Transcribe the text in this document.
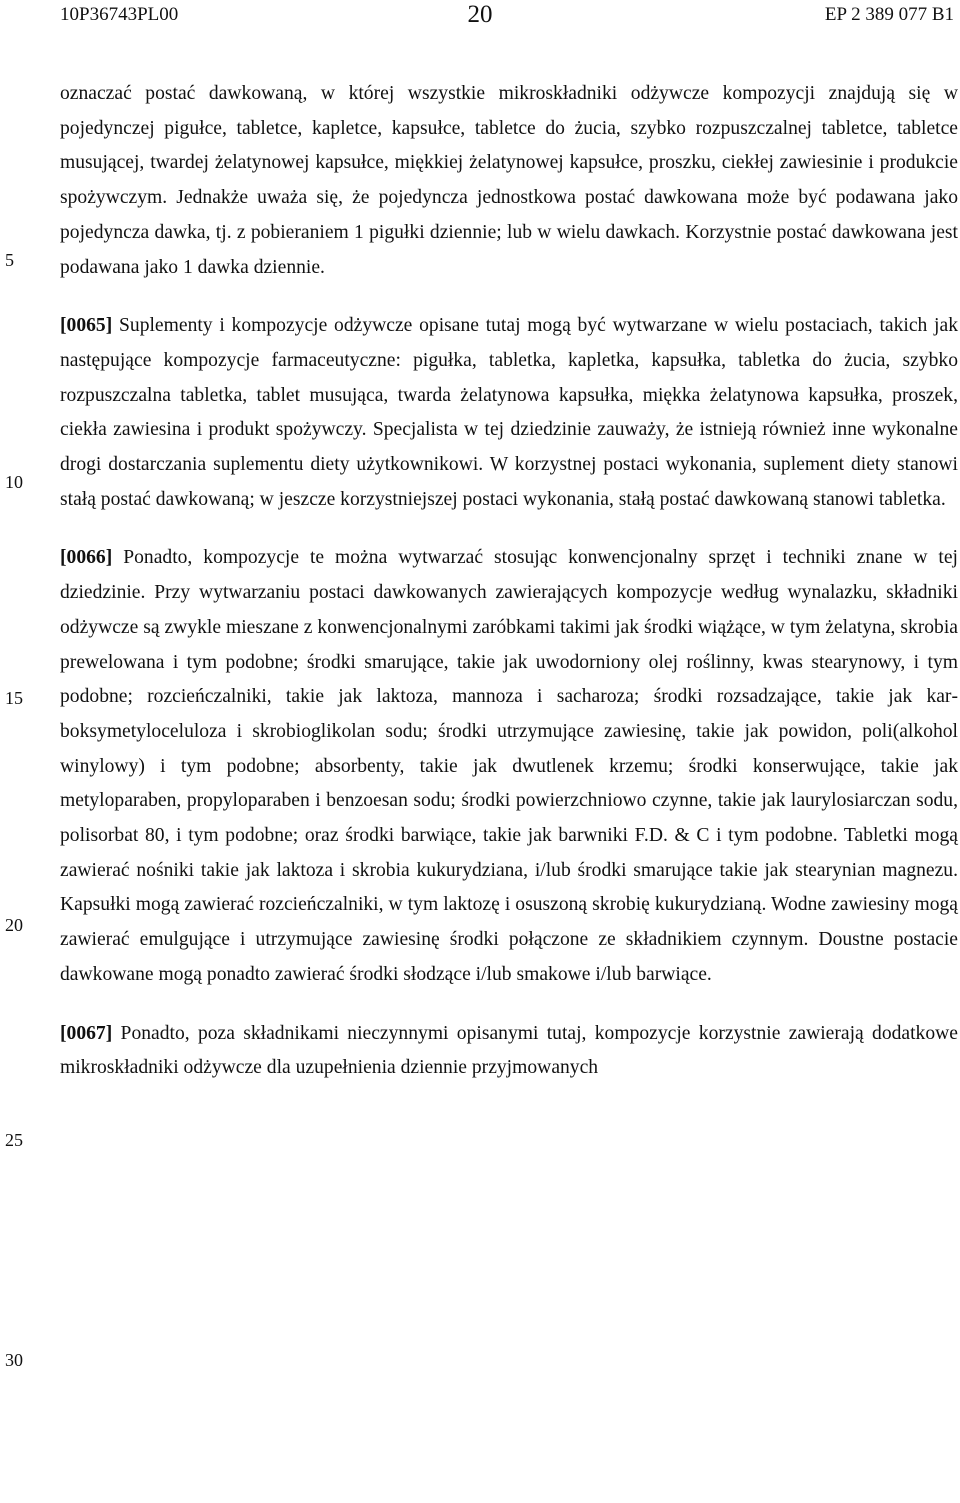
10P36743PL00	20	EP 2 389 077 B1
5
10
15
20
25
30

oznaczać postać dawkowaną, w której wszystkie mikroskładniki odżywcze kompozycji znajdują się w pojedynczej pigułce, tabletce, kapletce, kapsułce, tabletce do żucia, szybko rozpuszczalnej tabletce, tabletce musującej, twardej żelatynowej kapsułce, miękkiej żelatynowej kapsułce, proszku, ciekłej zawiesinie i produkcie spożywczym. Jednakże uważa się, że pojedyncza jednostkowa postać dawkowana może być podawana jako pojedyncza dawka, tj. z pobieraniem 1 pigułki dziennie; lub w wielu dawkach. Korzystnie postać dawkowana jest podawana jako 1 dawka dziennie.

[0065] Suplementy i kompozycje odżywcze opisane tutaj mogą być wytwarzane w wielu postaciach, takich jak następujące kompozycje farmaceutyczne: pigułka, tabletka, kapletka, kapsułka, tabletka do żucia, szybko rozpuszczalna tabletka, tablet musująca, twarda żelatynowa kapsułka, miękka żelatynowa kapsułka, proszek, ciekła zawiesina i produkt spożywczy. Specjalista w tej dziedzinie zauważy, że istnieją również inne wykonalne drogi dostarczania suplementu diety użytkownikowi. W korzystnej postaci wykonania, suplement diety stanowi stałą postać dawkowaną; w jeszcze korzystniejszej postaci wykonania, stałą postać dawkowaną stanowi tabletka.

[0066] Ponadto, kompozycje te można wytwarzać stosując konwencjonalny sprzęt i techniki znane w tej dziedzinie. Przy wytwarzaniu postaci dawkowanych zawierających kompozycje według wynalazku, składniki odżywcze są zwykle mieszane z konwencjonalnymi zaróbkami takimi jak środki wiążące, w tym żelatyna, skrobia prewelowana i tym podobne; środki smarujące, takie jak uwodorniony olej roślinny, kwas stearynowy, i tym podobne; rozcieńczalniki, takie jak laktoza, mannoza i sacharoza; środki rozsadzające, takie jak karboksymetyloceluloza i skrobioglikolan sodu; środki utrzymujące zawiesinę, takie jak powidon, poli(alkohol winylowy) i tym podobne; absorbenty, takie jak dwutlenek krzemu; środki konserwujące, takie jak metyloparaben, propyloparaben i benzoesan sodu; środki powierzchniowo czynne, takie jak laurylosiarczan sodu, polisorbat 80, i tym podobne; oraz środki barwiące, takie jak barwniki F.D. & C i tym podobne. Tabletki mogą zawierać nośniki takie jak laktoza i skrobia kukurydziana, i/lub środki smarujące takie jak stearynian magnezu. Kapsułki mogą zawierać rozcieńczalniki, w tym laktozę i osuszoną skrobię kukurydzianą. Wodne zawiesiny mogą zawierać emulgujące i utrzymujące zawiesinę środki połączone ze składnikiem czynnym. Doustne postacie dawkowane mogą ponadto zawierać środki słodzące i/lub smakowe i/lub barwiące.

[0067] Ponadto, poza składnikami nieczynnymi opisanymi tutaj, kompozycje korzystnie zawierają dodatkowe mikroskładniki odżywcze dla uzupełnienia dziennie przyjmowanych
